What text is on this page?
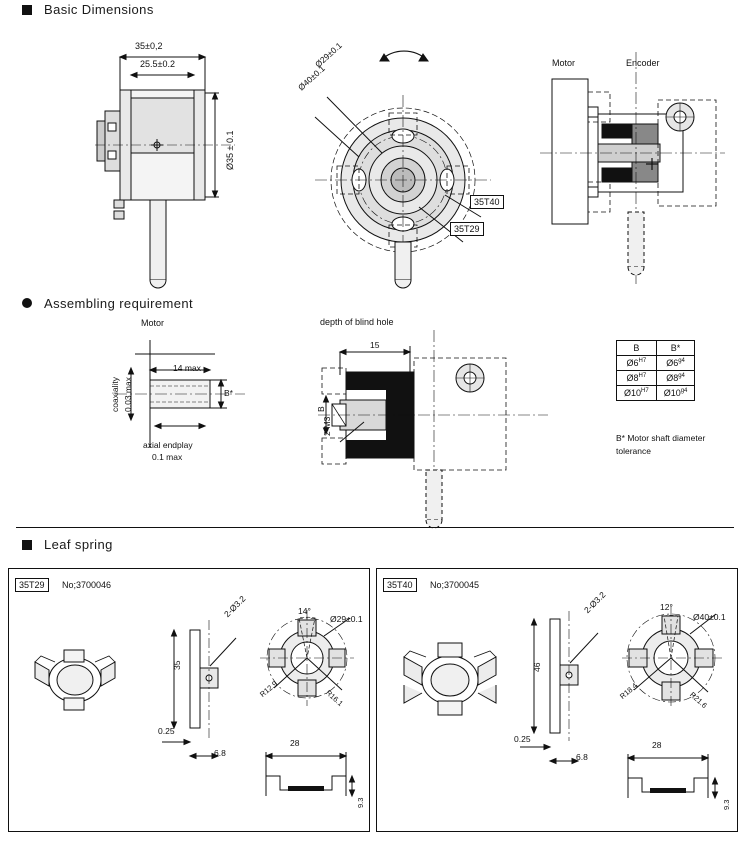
Basic Dimensions
35±0,2
25.5±0.2
Ø35 ± 0.1
Ø29±0.1
Ø40±0.1
35T40
35T29
Motor	Encoder
Assembling requirement
Motor
14 max
coaxiality 0.03 max	B*
axial endplay
0.1 max
depth of blind hole
15
B
2-M3
B	B*
$Ø6^{H7}$	$Ø6^{g4}$
$Ø8^{H7}$	$Ø8^{g4}$
$Ø10^{H7}$	$Ø10^{g4}$
B* Motor shaft diameter tolerance
Leaf spring
35T29	No;3700046
35
0.25
6.8
2-Ø3.2	14°
Ø29±0.1
R12.9	R16.1
28
9.3
35T40	No;3700045
46
0.25
6.8
2-Ø3.2	12°
Ø40±0.1
R18.4	R21.6
28
9.3
